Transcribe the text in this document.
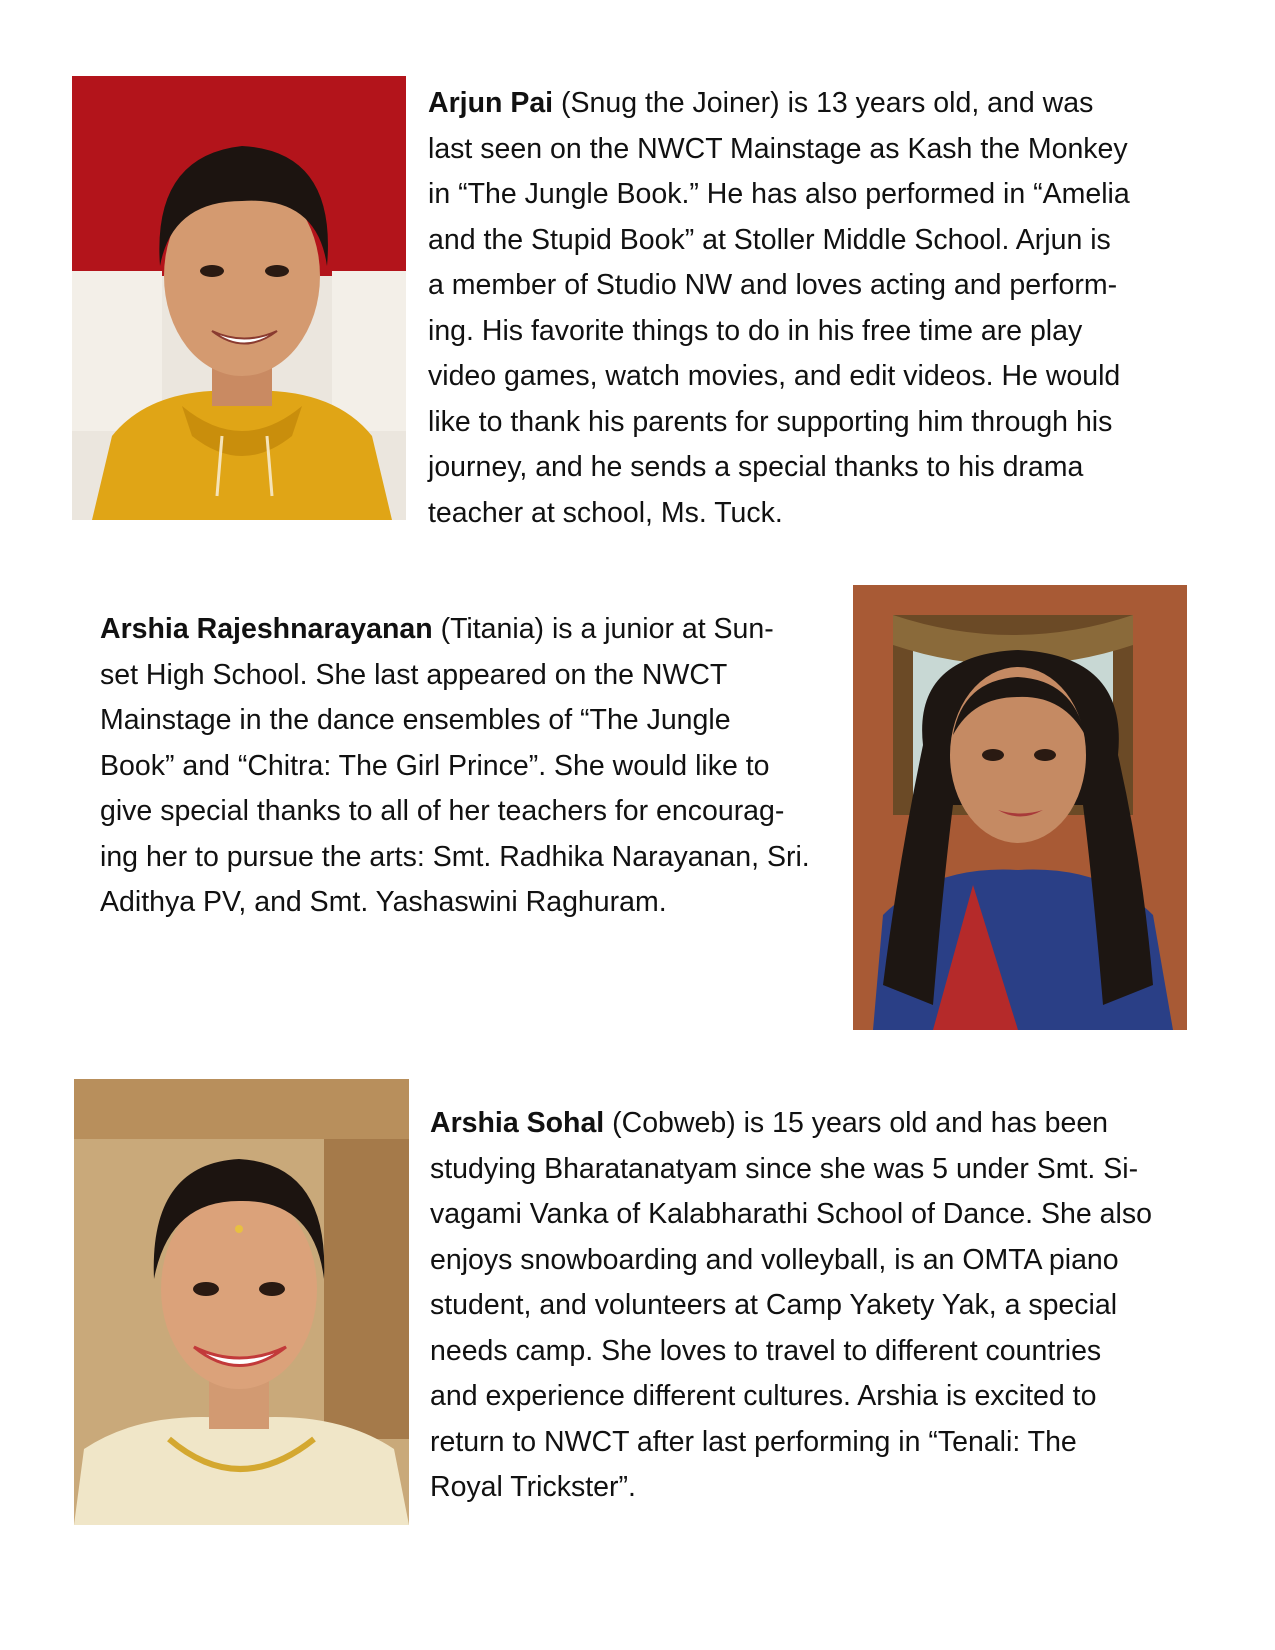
Arjun Pai (Snug the Joiner) is 13 years old, and was
last seen on the NWCT Mainstage as Kash the Monkey
in “The Jungle Book.” He has also performed in “Amelia
and the Stupid Book” at Stoller Middle School. Arjun is
a member of Studio NW and loves acting and perform-
ing. His favorite things to do in his free time are play
video games, watch movies, and edit videos. He would
like to thank his parents for supporting him through his
journey, and he sends a special thanks to his drama
teacher at school, Ms. Tuck.

Arshia Rajeshnarayanan (Titania) is a junior at Sun-
set High School. She last appeared on the NWCT
Mainstage in the dance ensembles of “The Jungle
Book” and “Chitra: The Girl Prince”. She would like to
give special thanks to all of her teachers for encourag-
ing her to pursue the arts: Smt. Radhika Narayanan, Sri.
Adithya PV, and Smt. Yashaswini Raghuram.

Arshia Sohal (Cobweb) is 15 years old and has been
studying Bharatanatyam since she was 5 under Smt. Si-
vagami Vanka of Kalabharathi School of Dance. She also
enjoys snowboarding and volleyball, is an OMTA piano
student, and volunteers at Camp Yakety Yak, a special
needs camp. She loves to travel to different countries
and experience different cultures. Arshia is excited to
return to NWCT after last performing in “Tenali: The
Royal Trickster”.
